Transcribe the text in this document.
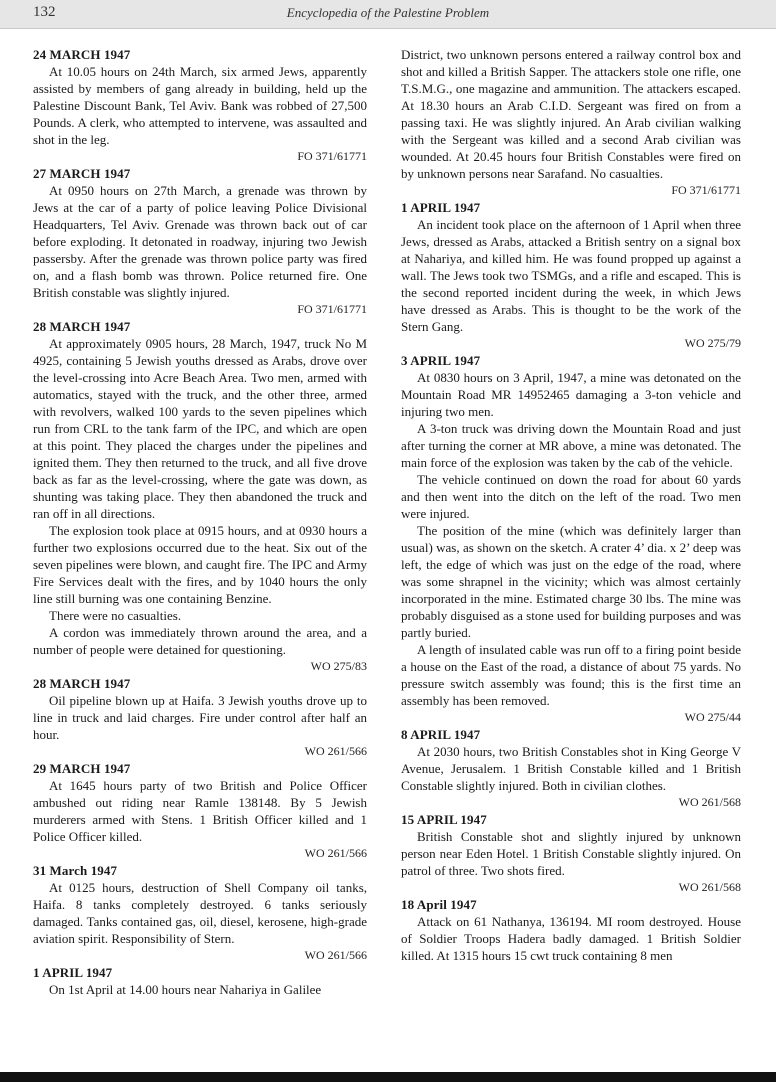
132	Encyclopedia of the Palestine Problem

24 MARCH 1947

At 10.05 hours on 24th March, six armed Jews, apparently assisted by members of gang already in building, held up the Palestine Discount Bank, Tel Aviv. Bank was robbed of 27,500 Pounds. A clerk, who attempted to intervene, was assaulted and shot in the leg.

FO 371/61771

27 MARCH 1947

At 0950 hours on 27th March, a grenade was thrown by Jews at the car of a party of police leaving Police Divisional Headquarters, Tel Aviv. Grenade was thrown back out of car before exploding. It detonated in roadway, injuring two Jewish passersby. After the grenade was thrown police party was fired on, and a flash bomb was thrown. Police returned fire. One British constable was slightly injured.

FO 371/61771

28 MARCH 1947

At approximately 0905 hours, 28 March, 1947, truck No M 4925, containing 5 Jewish youths dressed as Arabs, drove over the level-crossing into Acre Beach Area. Two men, armed with automatics, stayed with the truck, and the other three, armed with revolvers, walked 100 yards to the seven pipelines which run from CRL to the tank farm of the IPC, and which are open at this point. They placed the charges under the pipelines and ignited them. They then returned to the truck, and all five drove back as far as the level-crossing, where the gate was down, as shunting was taking place. They then abandoned the truck and ran off in all directions.

The explosion took place at 0915 hours, and at 0930 hours a further two explosions occurred due to the heat. Six out of the seven pipelines were blown, and caught fire. The IPC and Army Fire Services dealt with the fires, and by 1040 hours the only line still burning was one containing Benzine.

There were no casualties.

A cordon was immediately thrown around the area, and a number of people were detained for questioning.

WO 275/83

28 MARCH 1947

Oil pipeline blown up at Haifa. 3 Jewish youths drove up to line in truck and laid charges. Fire under control after half an hour.

WO 261/566

29 MARCH 1947

At 1645 hours party of two British and Police Officer ambushed out riding near Ramle 138148. By 5 Jewish murderers armed with Stens. 1 British Officer killed and 1 Police Officer killed.

WO 261/566

31 March 1947

At 0125 hours, destruction of Shell Company oil tanks, Haifa. 8 tanks completely destroyed. 6 tanks seriously damaged. Tanks contained gas, oil, diesel, kerosene, high-grade aviation spirit. Responsibility of Stern.

WO 261/566

1 APRIL 1947

On 1st April at 14.00 hours near Nahariya in Galilee

District, two unknown persons entered a railway control box and shot and killed a British Sapper. The attackers stole one rifle, one T.S.M.G., one magazine and ammunition. The attackers escaped. At 18.30 hours an Arab C.I.D. Sergeant was fired on from a passing taxi. He was slightly injured. An Arab civilian walking with the Sergeant was killed and a second Arab civilian was wounded. At 20.45 hours four British Constables were fired on by unknown persons near Sarafand. No casualties.

FO 371/61771

1 APRIL 1947

An incident took place on the afternoon of 1 April when three Jews, dressed as Arabs, attacked a British sentry on a signal box at Nahariya, and killed him. He was found propped up against a wall. The Jews took two TSMGs, and a rifle and escaped. This is the second reported incident during the week, in which Jews have dressed as Arabs. This is thought to be the work of the Stern Gang.

WO 275/79

3 APRIL 1947

At 0830 hours on 3 April, 1947, a mine was detonated on the Mountain Road MR 14952465 damaging a 3-ton vehicle and injuring two men.

A 3-ton truck was driving down the Mountain Road and just after turning the corner at MR above, a mine was detonated. The main force of the explosion was taken by the cab of the vehicle.

The vehicle continued on down the road for about 60 yards and then went into the ditch on the left of the road. Two men were injured.

The position of the mine (which was definitely larger than usual) was, as shown on the sketch. A crater 4’ dia. x 2’ deep was left, the edge of which was just on the edge of the road, where was some shrapnel in the vicinity; which was almost certainly incorporated in the mine. Estimated charge 30 lbs. The mine was probably disguised as a stone used for building purposes and was partly buried.

A length of insulated cable was run off to a firing point beside a house on the East of the road, a distance of about 75 yards. No pressure switch assembly was found; this is the first time an assembly has been removed.

WO 275/44

8 APRIL 1947

At 2030 hours, two British Constables shot in King George V Avenue, Jerusalem. 1 British Constable killed and 1 British Constable slightly injured. Both in civilian clothes.

WO 261/568

15 APRIL 1947

British Constable shot and slightly injured by unknown person near Eden Hotel. 1 British Constable slightly injured. On patrol of three. Two shots fired.

WO 261/568

18 April 1947

Attack on 61 Nathanya, 136194. MI room destroyed. House of Soldier Troops Hadera badly damaged. 1 British Soldier killed. At 1315 hours 15 cwt truck containing 8 men
